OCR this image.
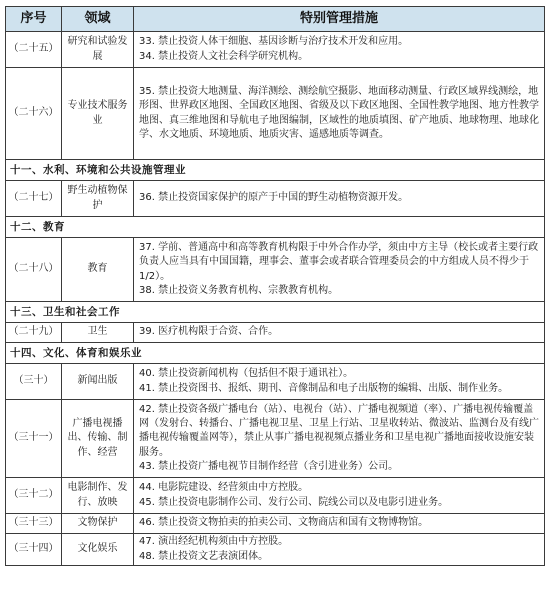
序号	领域	特别管理措施
（二十五）	研究和试验发展	33. 禁止投资人体干细胞、基因诊断与治疗技术开发和应用。
34. 禁止投资人文社会科学研究机构。

（二十六）	专业技术服务业	35. 禁止投资大地测量、海洋测绘、测绘航空摄影、地面移动测量、行政区域界线测绘，地形图、世界政区地图、全国政区地图、省级及以下政区地图、全国性教学地图、地方性教学地图、真三维地图和导航电子地图编制，区域性的地质填图、矿产地质、地球物理、地球化学、水文地质、环境地质、地质灾害、遥感地质等调查。

十一、水利、环境和公共设施管理业		
（二十七）	野生动植物保护	36. 禁止投资国家保护的原产于中国的野生动植物资源开发。

十二、教育		
（二十八）	教育	37. 学前、普通高中和高等教育机构限于中外合作办学，须由中方主导（校长或者主要行政负责人应当具有中国国籍，理事会、董事会或者联合管理委员会的中方组成人员不得少于 1/2）。
38. 禁止投资义务教育机构、宗教教育机构。

十三、卫生和社会工作		
（二十九）	卫生	39. 医疗机构限于合资、合作。

十四、文化、体育和娱乐业		
（三十）	新闻出版	40. 禁止投资新闻机构（包括但不限于通讯社）。
41. 禁止投资图书、报纸、期刊、音像制品和电子出版物的编辑、出版、制作业务。

（三十一）	广播电视播出、传输、制作、经营	42. 禁止投资各级广播电台（站）、电视台（站）、广播电视频道（率）、广播电视传输覆盖网（发射台、转播台、广播电视卫星、卫星上行站、卫星收转站、微波站、监测台及有线广播电视传输覆盖网等），禁止从事广播电视视频点播业务和卫星电视广播地面接收设施安装服务。
43. 禁止投资广播电视节目制作经营（含引进业务）公司。

（三十二）	电影制作、发行、放映	44. 电影院建设、经营须由中方控股。
45. 禁止投资电影制作公司、发行公司、院线公司以及电影引进业务。

（三十三）	文物保护	46. 禁止投资文物拍卖的拍卖公司、文物商店和国有文物博物馆。

（三十四）	文化娱乐	47. 演出经纪机构须由中方控股。
48. 禁止投资文艺表演团体。
